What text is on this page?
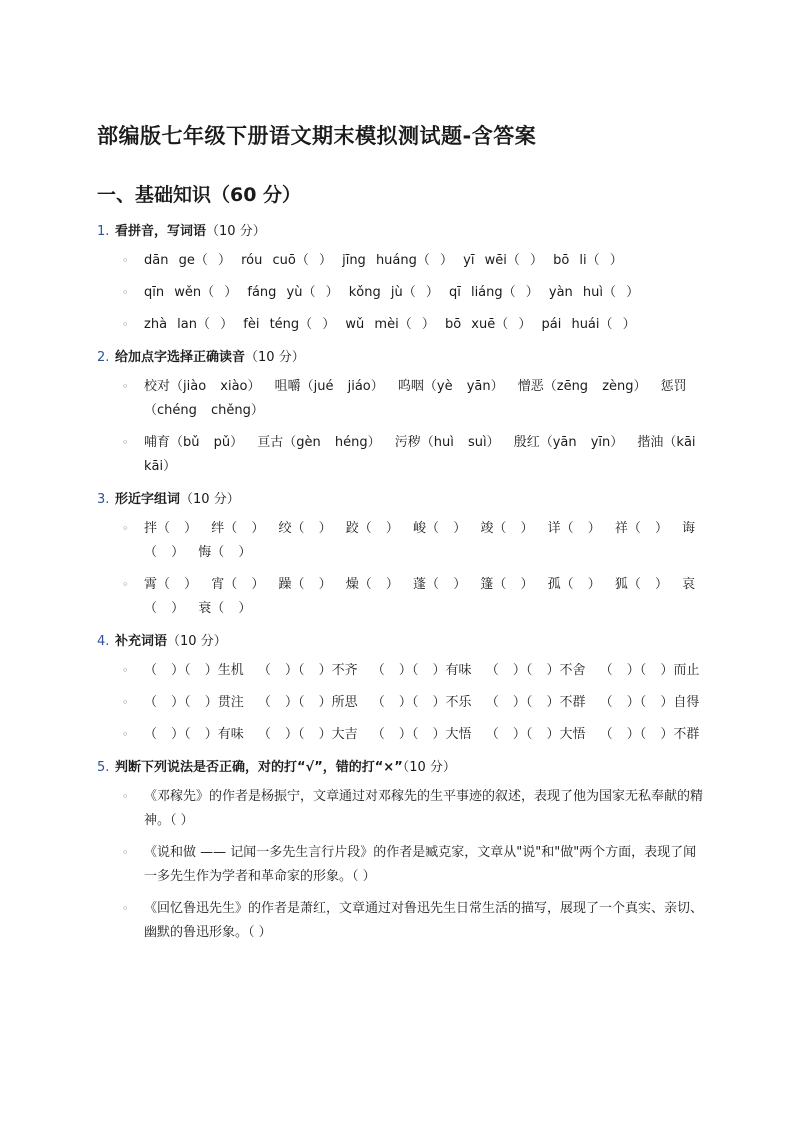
部编版七年级下册语文期末模拟测试题-含答案
一、基础知识（60 分）
1. 看拼音，写词语（10 分）
◦ dān ge（ ） róu cuō（ ） jīng huáng（ ） yī wēi（ ） bō li（ ）
◦ qīn wěn（ ） fáng yù（ ） kǒng jù（ ） qī liáng（ ） yàn huì（ ）
◦ zhà lan（ ） fèi téng（ ） wǔ mèi（ ） bō xuē（ ） pái huái（ ）
2. 给加点字选择正确读音（10 分）
◦ 校对（jiào xiào） 咀嚼（jué jiáo） 呜咽（yè yān） 憎恶（zēng zèng） 惩罚（chéng chěng）
◦ 哺育（bǔ pǔ） 亘古（gèn héng） 污秽（huì suì） 殷红（yān yīn） 揩油（kāi kāi）
3. 形近字组词（10 分）
◦ 拌（ ） 绊（ ） 绞（ ） 跤（ ） 峻（ ） 竣（ ） 详（ ） 祥（ ） 诲（ ） 悔（ ）
◦ 霄（ ） 宵（ ） 躁（ ） 燥（ ） 蓬（ ） 篷（ ） 孤（ ） 狐（ ） 哀（ ） 衰（ ）
4. 补充词语（10 分）
◦ （ ）（ ）生机 （ ）（ ）不齐 （ ）（ ）有味 （ ）（ ）不舍 （ ）（ ）而止
◦ （ ）（ ）贯注 （ ）（ ）所思 （ ）（ ）不乐 （ ）（ ）不群 （ ）（ ）自得
◦ （ ）（ ）有味 （ ）（ ）大吉 （ ）（ ）大悟 （ ）（ ）大悟 （ ）（ ）不群
5. 判断下列说法是否正确，对的打“√”，错的打“×”（10 分）
◦ 《邓稼先》的作者是杨振宁，文章通过对邓稼先的生平事迹的叙述，表现了他为国家无私奉献的精神。（ ）
◦ 《说和做 —— 记闻一多先生言行片段》的作者是臧克家，文章从"说"和"做"两个方面，表现了闻一多先生作为学者和革命家的形象。（ ）
◦ 《回忆鲁迅先生》的作者是萧红，文章通过对鲁迅先生日常生活的描写，展现了一个真实、亲切、幽默的鲁迅形象。（ ）
